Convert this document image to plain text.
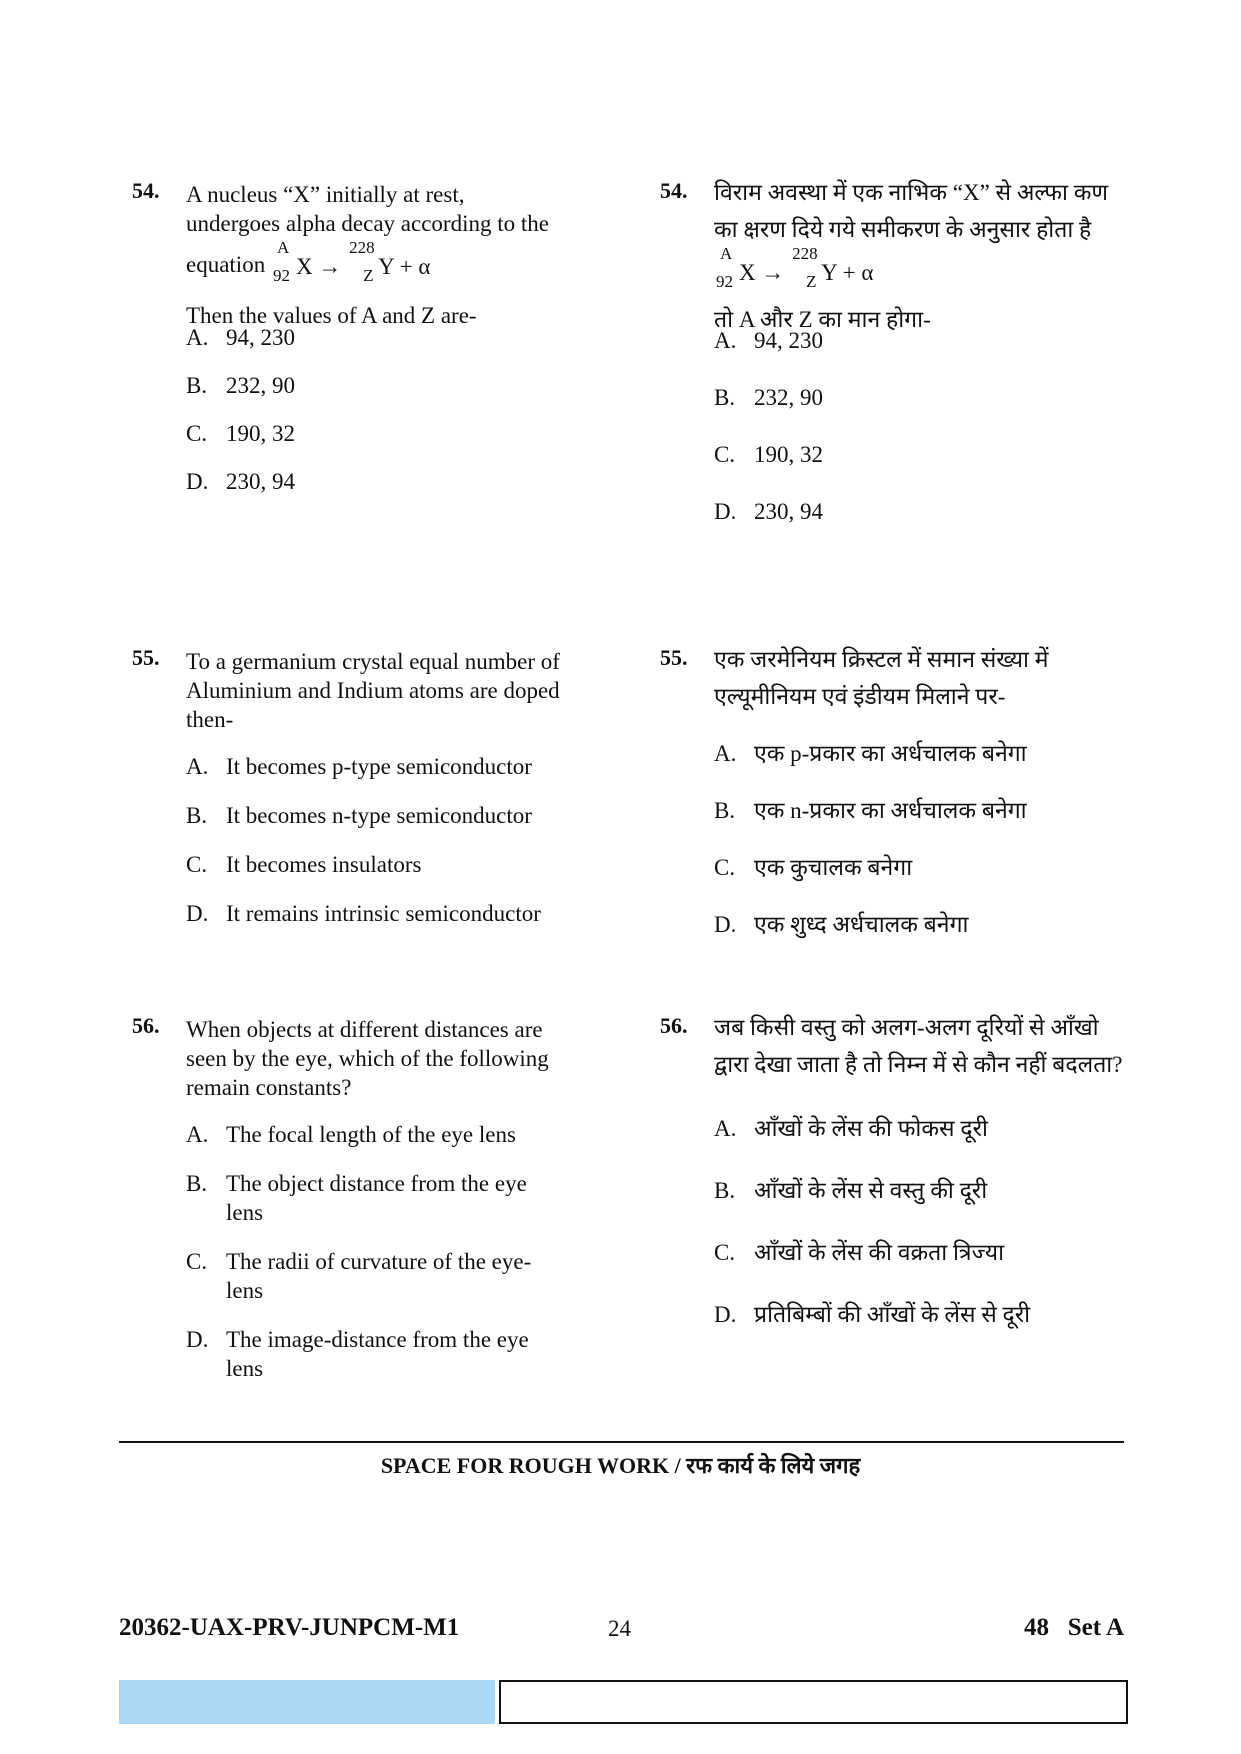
54. A nucleus “X” initially at rest,

undergoes alpha decay according to the

equation
A
92 X →
228
Z Y + α

Then the values of A and Z are-

A. 94, 230
B. 232, 90
C. 190, 32
D. 230, 94
54. विराम अवस्था में एक नाभिक “X” से अल्फा कण

का क्षरण दिये गये समीकरण के अनुसार होता है

A
92 X →
228
Z Y + α

तो A और Z का मान होगा-

A. 94, 230
B. 232, 90
C. 190, 32
D. 230, 94
55. To a germanium crystal equal number of

Aluminium and Indium atoms are doped

then-

A. It becomes p-type semiconductor
B. It becomes n-type semiconductor
C. It becomes insulators
D. It remains intrinsic semiconductor
55. एक जरमेनियम क्रिस्टल में समान संख्या में

एल्यूमीनियम एवं इंडीयम मिलाने पर-

A. एक p-प्रकार का अर्धचालक बनेगा
B. एक n-प्रकार का अर्धचालक बनेगा
C. एक कुचालक बनेगा
D. एक शुध्द अर्धचालक बनेगा
56. When objects at different distances are

seen by the eye, which of the following

remain constants?

A. The focal length of the eye lens
B. The object distance from the eye
lens
C. The radii of curvature of the eye-
lens
D. The image-distance from the eye
lens
56. जब किसी वस्तु को अलग-अलग दूरियों से आँखो

द्वारा देखा जाता है तो निम्न में से कौन नहीं बदलता?

A. आँखों के लेंस की फोकस दूरी
B. आँखों के लेंस से वस्तु की दूरी
C. आँखों के लेंस की वक्रता त्रिज्या
D. प्रतिबिम्बों की आँखों के लेंस से दूरी
SPACE FOR ROUGH WORK / रफ कार्य के लिये जगह
20362-UAX-PRV-JUNPCM-M1	24	48   Set A
